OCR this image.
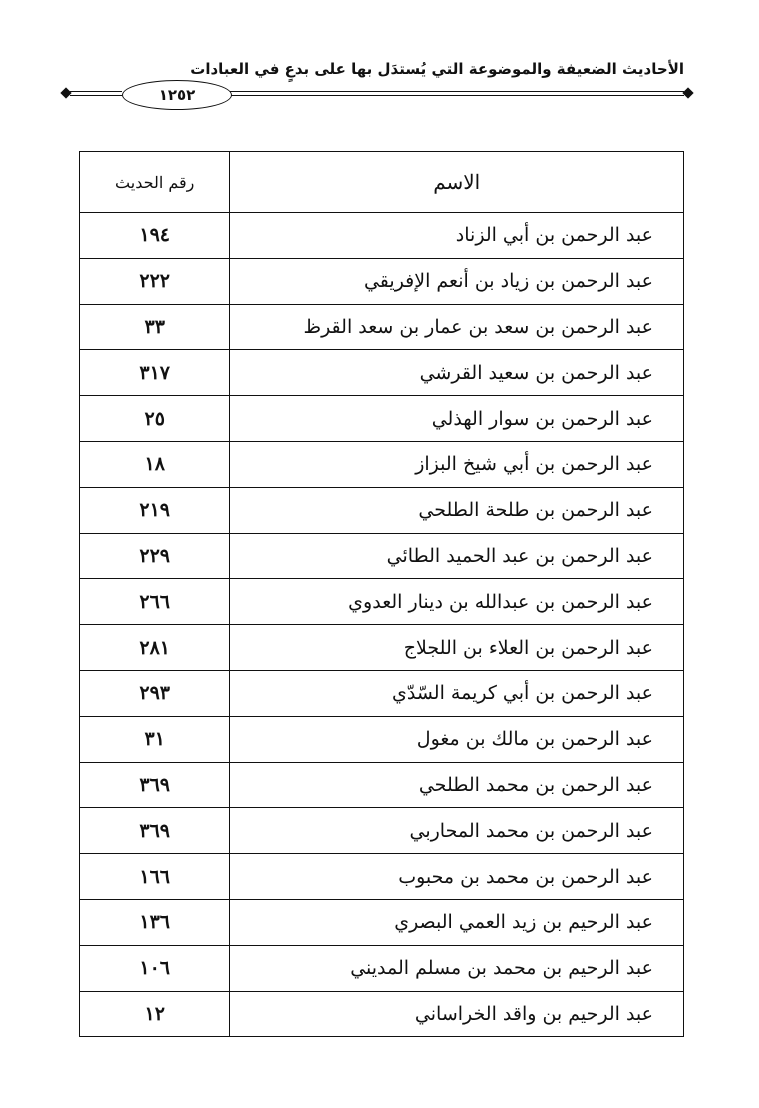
الأحاديث الضعيفة والموضوعة التي يُستدَل بها على بدعٍ في العبادات
١٢٥٢
الاسم	رقم الحديث
عبد الرحمن بن أبي الزناد	١٩٤
عبد الرحمن بن زياد بن أنعم الإفريقي	٢٢٢
عبد الرحمن بن سعد بن عمار بن سعد القرظ	٣٣
عبد الرحمن بن سعيد القرشي	٣١٧
عبد الرحمن بن سوار الهذلي	٢٥
عبد الرحمن بن أبي شيخ البزاز	١٨
عبد الرحمن بن طلحة الطلحي	٢١٩
عبد الرحمن بن عبد الحميد الطائي	٢٢٩
عبد الرحمن بن عبدالله بن دينار العدوي	٢٦٦
عبد الرحمن بن العلاء بن اللجلاج	٢٨١
عبد الرحمن بن أبي كريمة السّدّي	٢٩٣
عبد الرحمن بن مالك بن مغول	٣١
عبد الرحمن بن محمد الطلحي	٣٦٩
عبد الرحمن بن محمد المحاربي	٣٦٩
عبد الرحمن بن محمد بن محبوب	١٦٦
عبد الرحيم بن زيد العمي البصري	١٣٦
عبد الرحيم بن محمد بن مسلم المديني	١٠٦
عبد الرحيم بن واقد الخراساني	١٢
